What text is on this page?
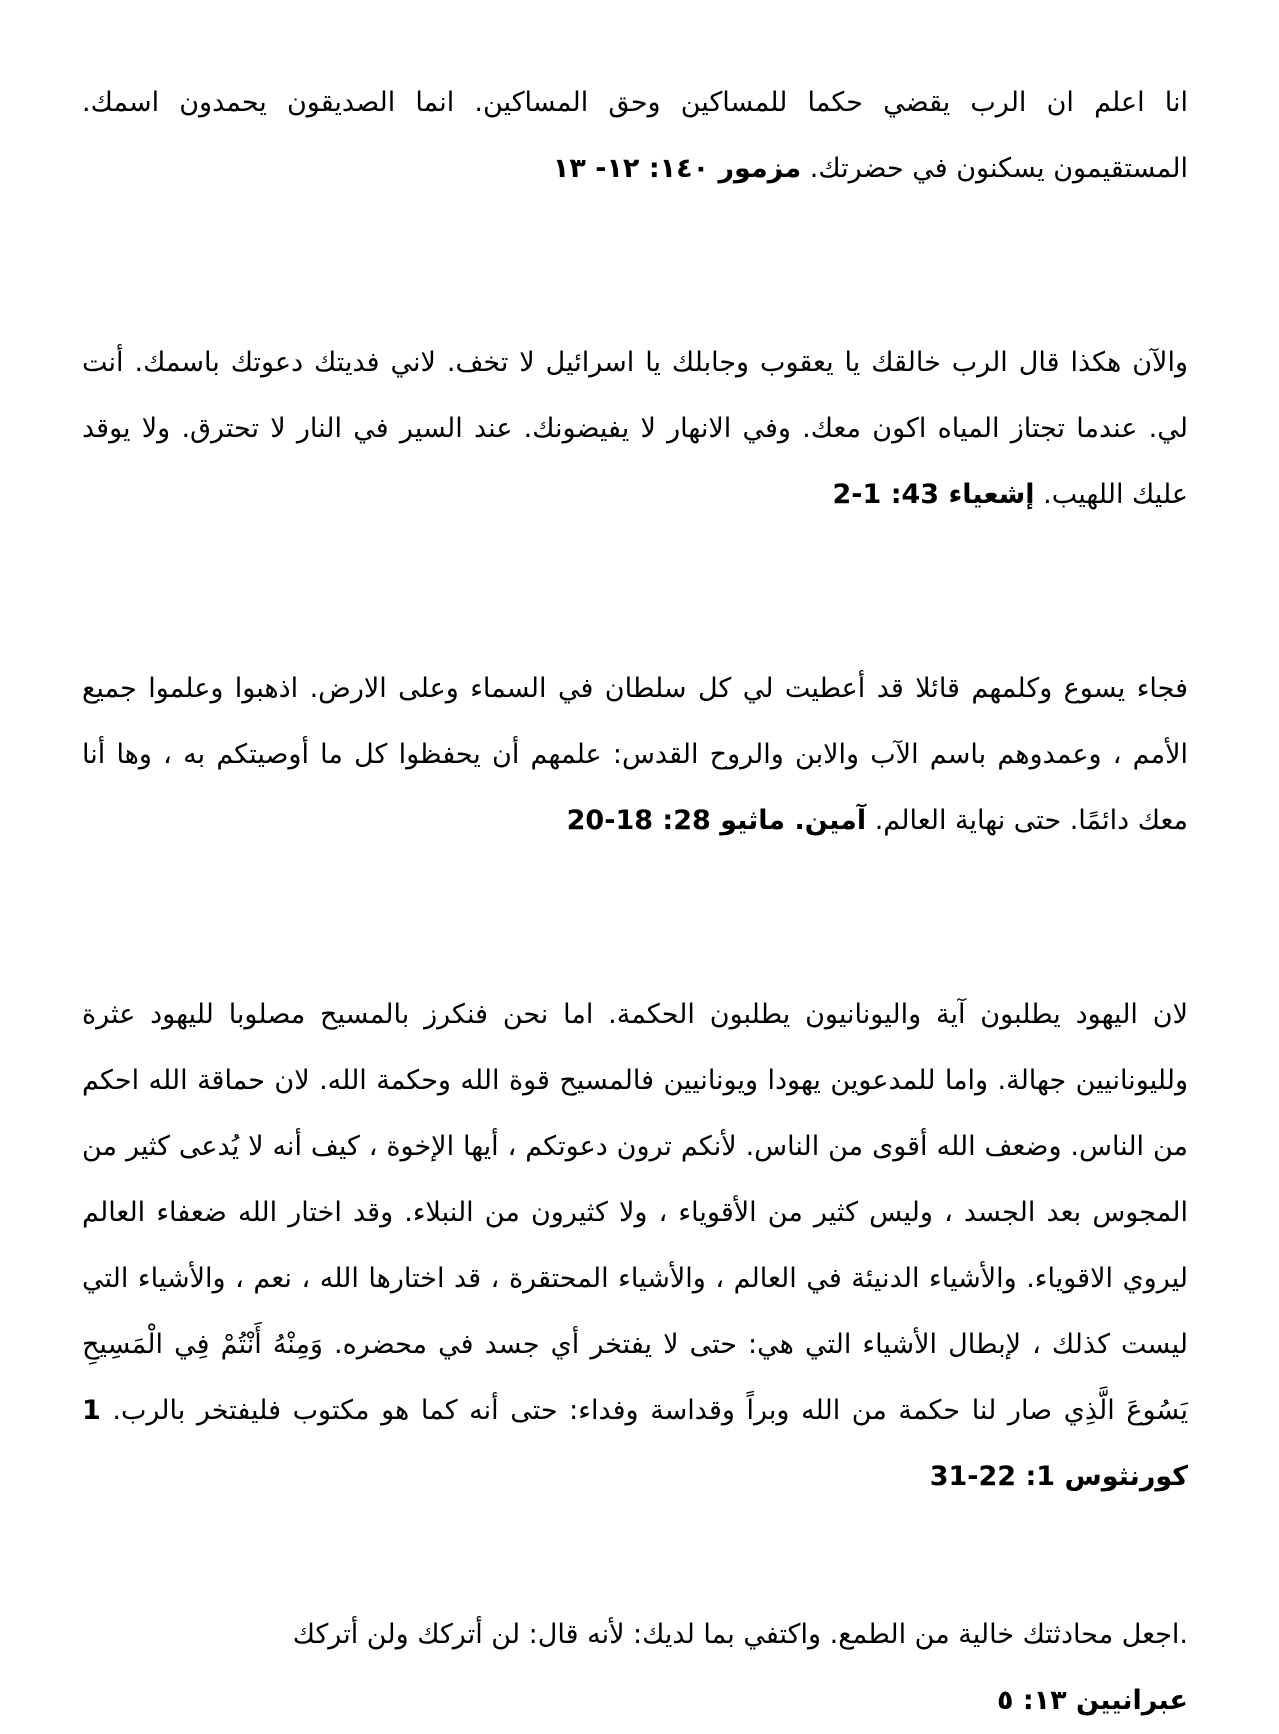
انا اعلم ان الرب يقضي حكما للمساكين وحق المساكين. انما الصديقون يحمدون اسمك. المستقيمون يسكنون في حضرتك. مزمور ١٤٠: ١٢- ١٣

والآن هكذا قال الرب خالقك يا يعقوب وجابلك يا اسرائيل لا تخف. لاني فديتك دعوتك باسمك. أنت لي. عندما تجتاز المياه اكون معك. وفي الانهار لا يفيضونك. عند السير في النار لا تحترق. ولا يوقد عليك اللهيب. إشعياء 43: 1-2

فجاء يسوع وكلمهم قائلا قد أعطيت لي كل سلطان في السماء وعلى الارض. اذهبوا وعلموا جميع الأمم ، وعمدوهم باسم الآب والابن والروح القدس: علمهم أن يحفظوا كل ما أوصيتكم به ، وها أنا معك دائمًا. حتى نهاية العالم. آمين. ماثيو 28: 18-20

لان اليهود يطلبون آية واليونانيون يطلبون الحكمة. اما نحن فنكرز بالمسيح مصلوبا لليهود عثرة ولليونانيين جهالة. واما للمدعوين يهودا ويونانيين فالمسيح قوة الله وحكمة الله. لان حماقة الله احكم من الناس. وضعف الله أقوى من الناس. لأنكم ترون دعوتكم ، أيها الإخوة ، كيف أنه لا يُدعى كثير من المجوس بعد الجسد ، وليس كثير من الأقوياء ، ولا كثيرون من النبلاء. وقد اختار الله ضعفاء العالم ليروي الاقوياء. والأشياء الدنيئة في العالم ، والأشياء المحتقرة ، قد اختارها الله ، نعم ، والأشياء التي ليست كذلك ، لإبطال الأشياء التي هي: حتى لا يفتخر أي جسد في محضره. وَمِنْهُ أَنْتُمْ فِي الْمَسِيحِ يَسُوعَ الَّذِي صار لنا حكمة من الله وبراً وقداسة وفداء: حتى أنه كما هو مكتوب فليفتخر بالرب. 1 كورنثوس 1: 22-31

.اجعل محادثتك خالية من الطمع. واكتفي بما لديك: لأنه قال: لن أتركك ولن أتركك
عبرانيين ١٣: ٥
